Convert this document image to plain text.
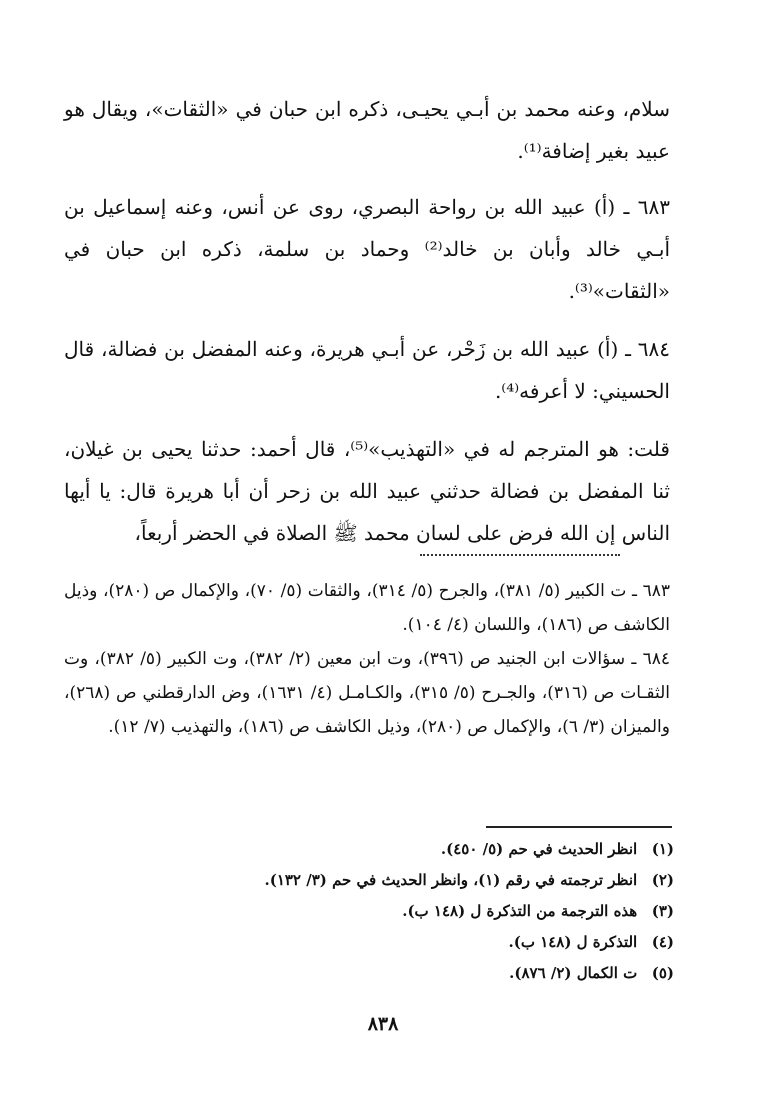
سلام، وعنه محمد بن أبـي يحيـى، ذكره ابن حبان في «الثقات»، ويقال هو عبيد بغير إضافة⁽¹⁾.

٦٨٣ ـ (أ) عبيد الله بن رواحة البصري، روى عن أنس، وعنه إسماعيل بن أبـي خالد وأبان بن خالد⁽²⁾ وحماد بن سلمة، ذكره ابن حبان في «الثقات»⁽³⁾.

٦٨٤ ـ (أ) عبيد الله بن زَحْر، عن أبـي هريرة، وعنه المفضل بن فضالة، قال الحسيني: لا أعرفه⁽⁴⁾.

قلت: هو المترجم له في «التهذيب»⁽⁵⁾، قال أحمد: حدثنا يحيى بن غيلان، ثنا المفضل بن فضالة حدثني عبيد الله بن زحر أن أبا هريرة قال: يا أيها الناس إن الله فرض على لسان محمد ﷺ الصلاة في الحضر أربعاً،

٦٨٣ ـ ت الكبير (٥/ ٣٨١)، والجرح (٥/ ٣١٤)، والثقات (٥/ ٧٠)، والإكمال ص (٢٨٠)، وذيل الكاشف ص (١٨٦)، واللسان (٤/ ١٠٤).

٦٨٤ ـ سؤالات ابن الجنيد ص (٣٩٦)، وت ابن معين (٢/ ٣٨٢)، وت الكبير (٥/ ٣٨٢)، وت الثقـات ص (٣١٦)، والجـرح (٥/ ٣١٥)، والكـامـل (٤/ ١٦٣١)، وض الدارقطني ص (٢٦٨)، والميزان (٣/ ٦)، والإكمال ص (٢٨٠)، وذيل الكاشف ص (١٨٦)، والتهذيب (٧/ ١٢).

(١) انظر الحديث في حم (٥/ ٤٥٠).

(٢) انظر ترجمته في رقم (١)، وانظر الحديث في حم (٣/ ١٣٢).

(٣) هذه الترجمة من التذكرة ل (١٤٨ ب).

(٤) التذكرة ل (١٤٨ ب).

(٥) ت الكمال (٢/ ٨٧٦).

٨٣٨
